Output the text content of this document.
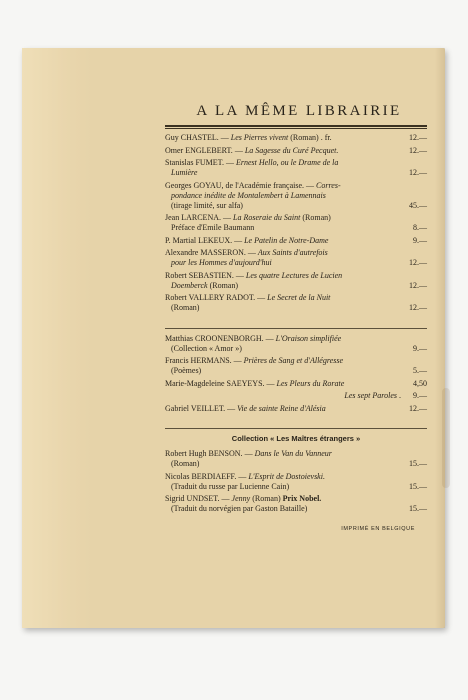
A LA MÊME LIBRAIRIE
Guy CHASTEL. — Les Pierres vivent (Roman) . fr.	12.—
Omer ENGLEBERT. — La Sagesse du Curé Pecquet.	12.—
Stanislas FUMET. — Ernest Hello, ou le Drame de la
Lumière	12.—
Georges GOYAU, de l'Académie française. — Corres-
pondance inédite de Montalembert à Lamennais
(tirage limité, sur alfa)	45.—
Jean LARCENA. — La Roseraie du Saint (Roman)
Préface d'Emile Baumann	8.—
P. Martial LEKEUX. — Le Patelin de Notre-Dame	9.—
Alexandre MASSERON. — Aux Saints d'autrefois
pour les Hommes d'aujourd'hui	12.—
Robert SEBASTIEN. — Les quatre Lectures de Lucien
Doemberck (Roman)	12.—
Robert VALLERY RADOT. — Le Secret de la Nuit
(Roman)	12.—
Matthias CROONENBORGH. — L'Oraison simplifiée
(Collection « Amor »)	9.—
Francis HERMANS. — Prières de Sang et d'Allégresse
(Poèmes)	5.—
Marie-Magdeleine SAEYEYS. — Les Pleurs du Rorate	4,50
Les sept Paroles .	9.—
Gabriel VEILLET. — Vie de sainte Reine d'Alésia	12.—
Collection « Les Maîtres étrangers »
Robert Hugh BENSON. — Dans le Van du Vanneur
(Roman)	15.—
Nicolas BERDIAEFF. — L'Esprit de Dostoievski.
(Traduit du russe par Lucienne Cain)	15.—
Sigrid UNDSET. — Jenny (Roman) Prix Nobel.
(Traduit du norvégien par Gaston Bataille)	15.—
IMPRIMÉ EN BELGIQUE
